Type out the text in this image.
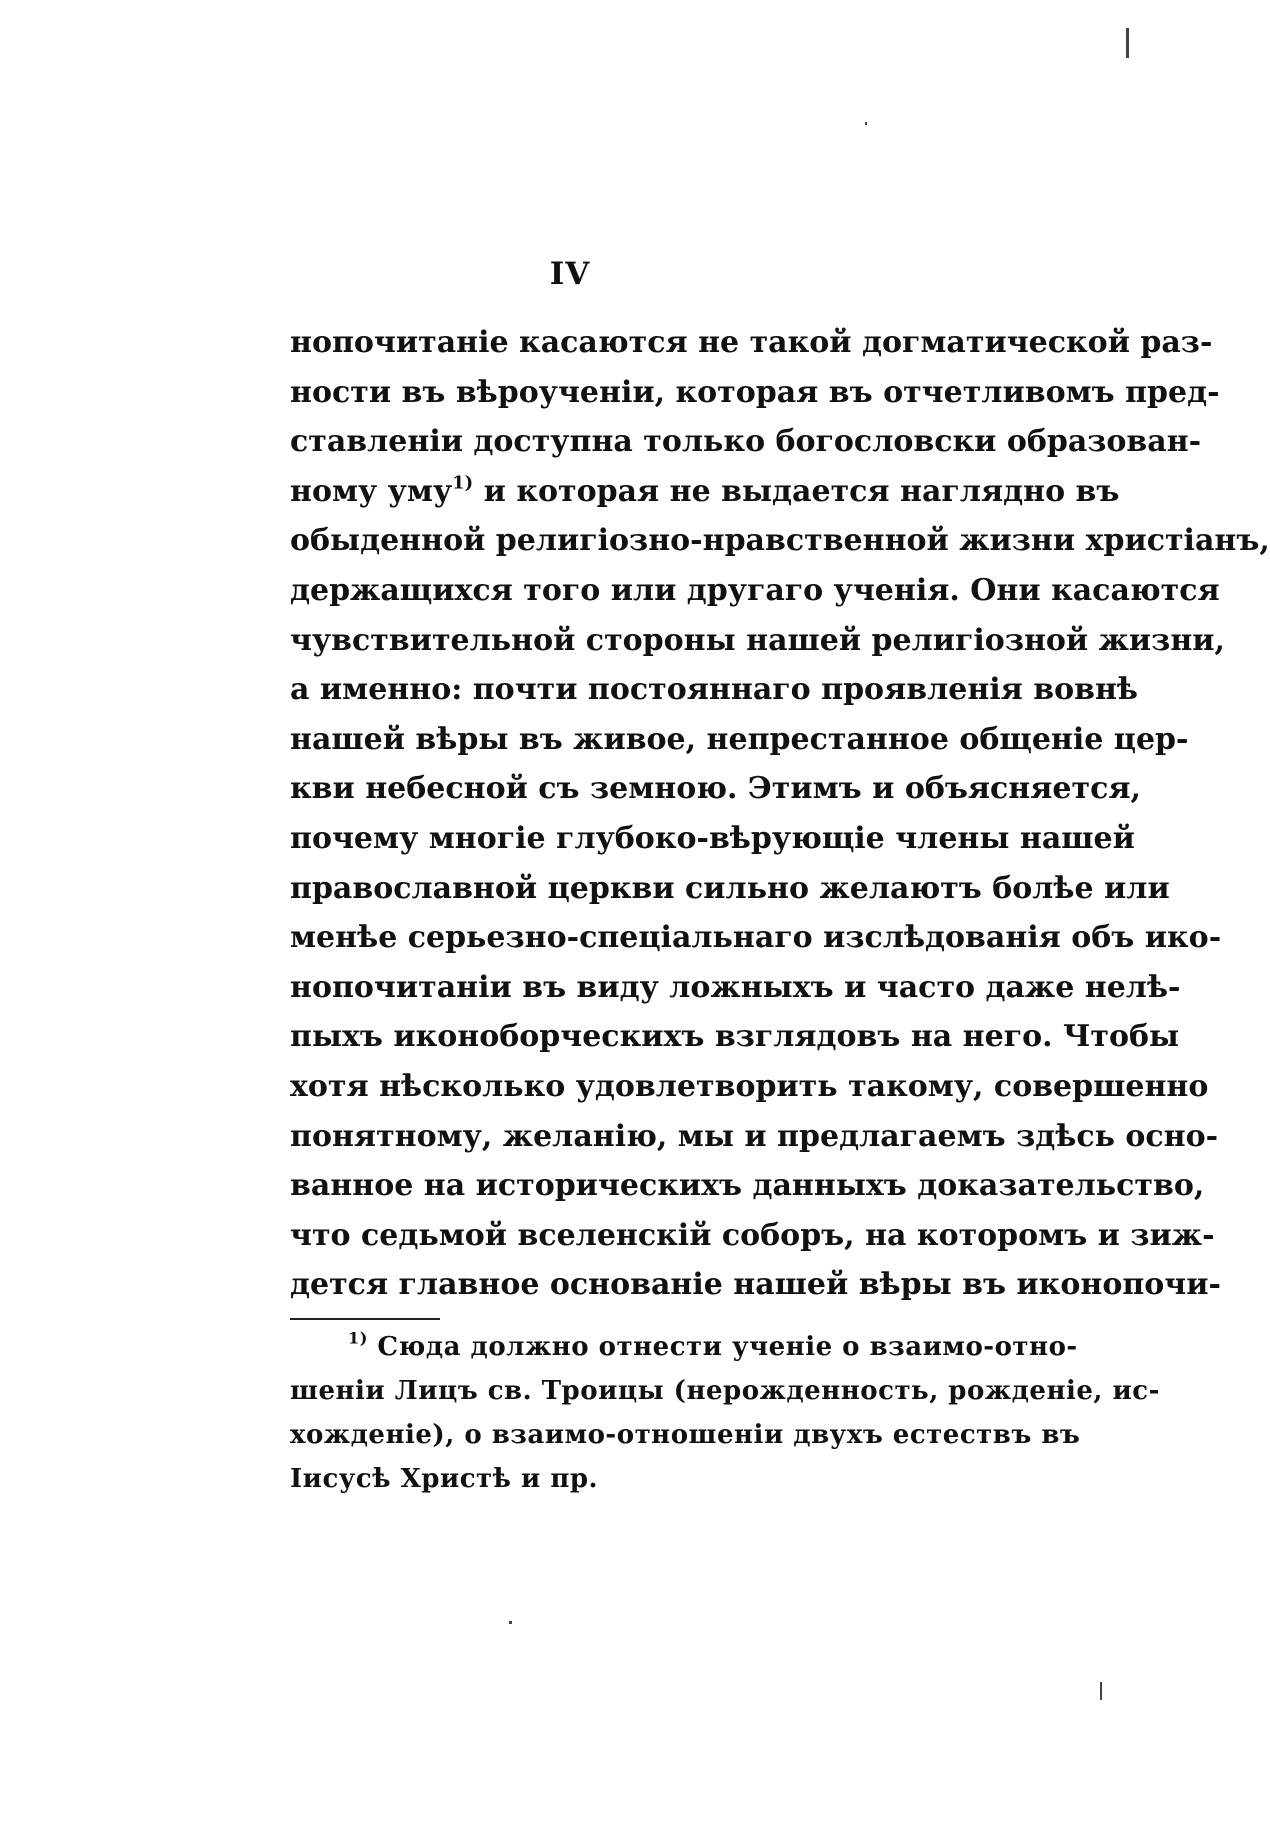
IV
нопочитаніе касаются не такой догматической раз-
ности въ вѣроученіи, которая въ отчетливомъ пред-
ставленіи доступна только богословски образован-
ному уму$^{1)}$ и которая не выдается наглядно въ
обыденной религіозно-нравственной жизни христіанъ,
держащихся того или другаго ученія. Они касаются
чувствительной стороны нашей религіозной жизни,
а именно: почти постояннаго проявленія вовнѣ
нашей вѣры въ живое, непрестанное общеніе цер-
кви небесной съ земною. Этимъ и объясняется,
почему многіе глубоко-вѣрующіе члены нашей
православной церкви сильно желаютъ болѣе или
менѣе серьезно-спеціальнаго изслѣдованія объ ико-
нопочитаніи въ виду ложныхъ и часто даже нелѣ-
пыхъ иконоборческихъ взглядовъ на него. Чтобы
хотя нѣсколько удовлетворить такому, совершенно
понятному, желанію, мы и предлагаемъ здѣсь осно-
ванное на историческихъ данныхъ доказательство,
что седьмой вселенскій соборъ, на которомъ и зиж-
дется главное основаніе нашей вѣры въ иконопочи-
$^{1)}$ Сюда должно отнести ученіе о взаимо-отно-
шеніи Лицъ св. Троицы (нерожденность, рожденіе, ис-
хожденіе), о взаимо-отношеніи двухъ естествъ въ
Іисусѣ Христѣ и пр.
